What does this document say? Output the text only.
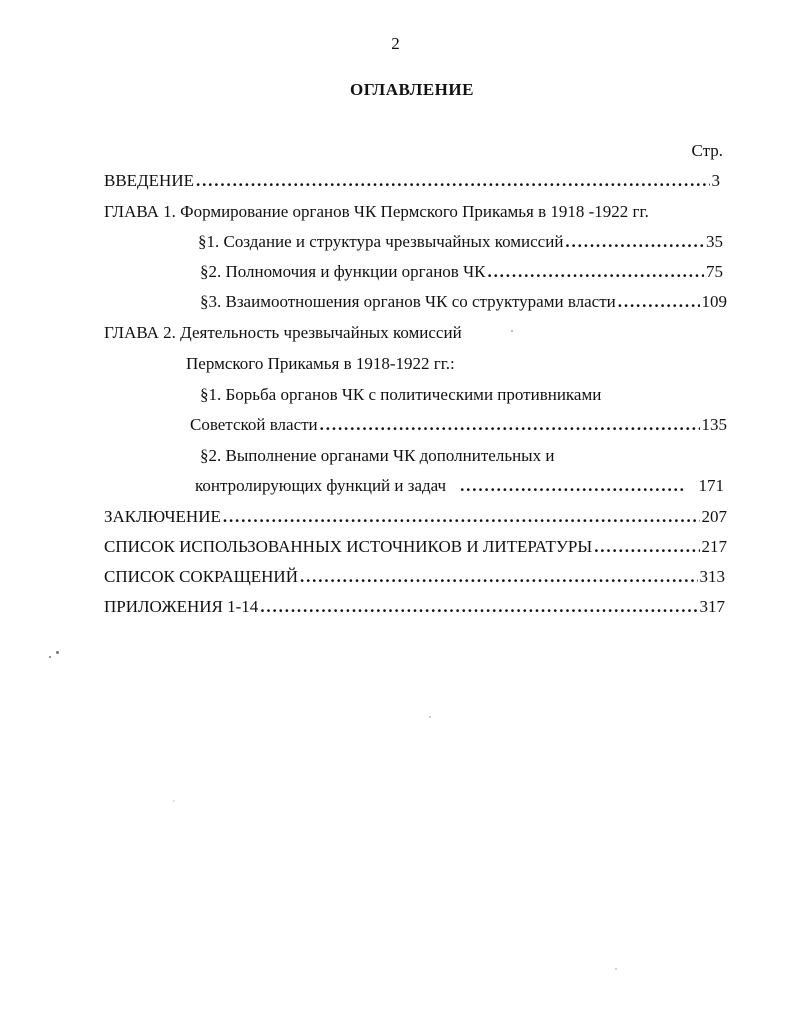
2
ОГЛАВЛЕНИЕ
Стр.
ВВЕДЕНИЕ . . .	3
ГЛАВА 1. Формирование органов ЧК Пермского Прикамья в 1918 -1922 гг.
§1. Создание и структура чрезвычайных комиссий . . .	35
§2. Полномочия и функции органов ЧК . . .	75
§3. Взаимоотношения органов ЧК со структурами власти . . .	109
ГЛАВА 2. Деятельность чрезвычайных комиссий
Пермского Прикамья в 1918-1922 гг.:
§1. Борьба органов ЧК с политическими противниками
Советской власти . . .	135
§2. Выполнение органами ЧК дополнительных и
контролирующих функций и задач . . .	171
ЗАКЛЮЧЕНИЕ . . .	207
СПИСОК ИСПОЛЬЗОВАННЫХ ИСТОЧНИКОВ И ЛИТЕРАТУРЫ . . .	217
СПИСОК СОКРАЩЕНИЙ . . .	313
ПРИЛОЖЕНИЯ 1-14 . . .	317
